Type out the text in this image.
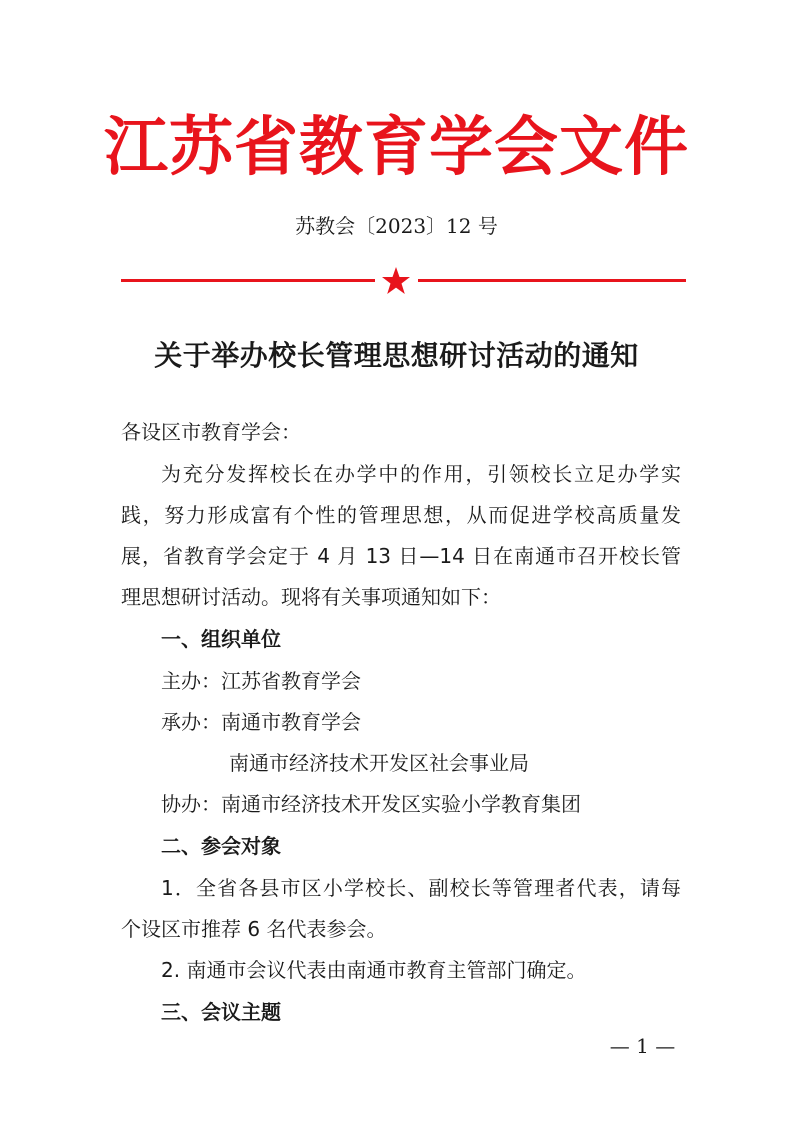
江苏省教育学会文件
苏教会〔2023〕12 号
关于举办校长管理思想研讨活动的通知
各设区市教育学会：
为充分发挥校长在办学中的作用，引领校长立足办学实
践，努力形成富有个性的管理思想，从而促进学校高质量发
展，省教育学会定于 4 月 13 日—14 日在南通市召开校长管
理思想研讨活动。现将有关事项通知如下：
一、组织单位
主办：江苏省教育学会
承办：南通市教育学会
南通市经济技术开发区社会事业局
协办：南通市经济技术开发区实验小学教育集团
二、参会对象
1．全省各县市区小学校长、副校长等管理者代表，请每
个设区市推荐 6 名代表参会。
2. 南通市会议代表由南通市教育主管部门确定。
三、会议主题
— 1 —
